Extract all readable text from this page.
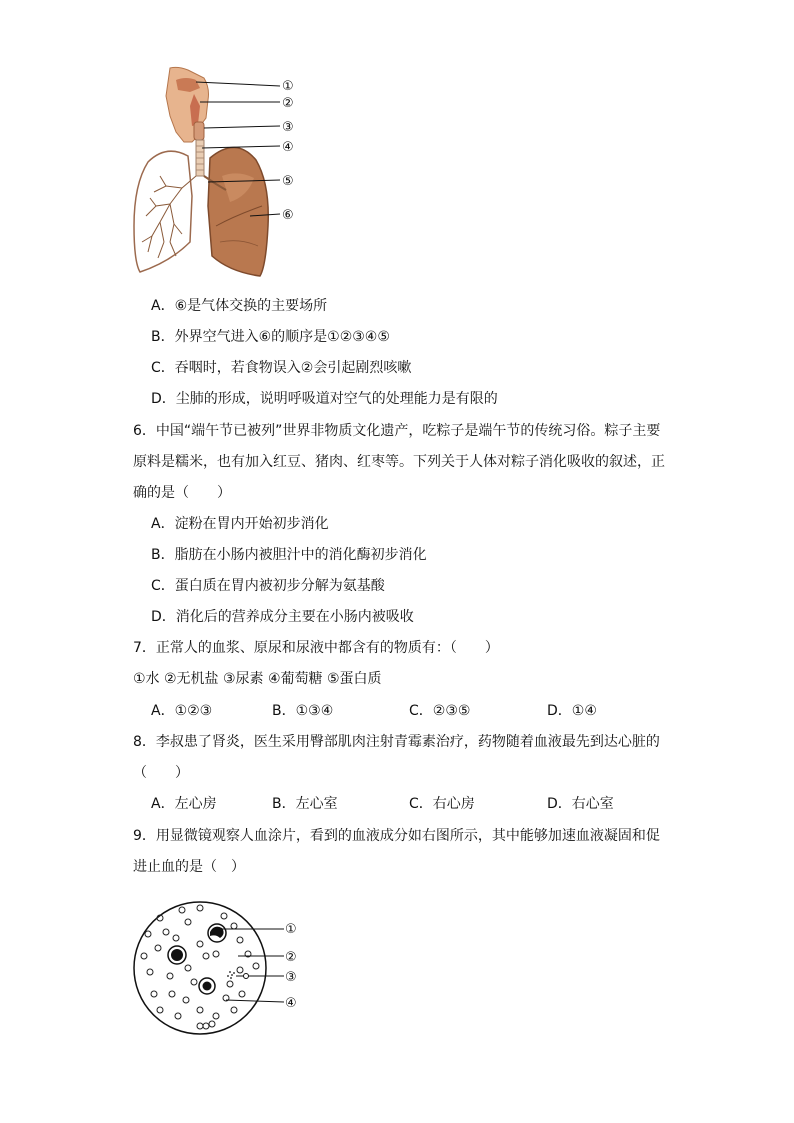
①
②
③
④
⑤
⑥
A．⑥是气体交换的主要场所
B．外界空气进入⑥的顺序是①②③④⑤
C．吞咽时，若食物误入②会引起剧烈咳嗽
D．尘肺的形成，说明呼吸道对空气的处理能力是有限的
6．中国“端午节已被列”世界非物质文化遗产，吃粽子是端午节的传统习俗。粽子主要
原料是糯米，也有加入红豆、猪肉、红枣等。下列关于人体对粽子消化吸收的叙述，正
确的是（　　）
A．淀粉在胃内开始初步消化
B．脂肪在小肠内被胆汁中的消化酶初步消化
C．蛋白质在胃内被初步分解为氨基酸
D．消化后的营养成分主要在小肠内被吸收
7．正常人的血浆、原尿和尿液中都含有的物质有：（　　）
①水 ②无机盐 ③尿素 ④葡萄糖 ⑤蛋白质
A．①②③	B．①③④	C．②③⑤	D．①④
8．李叔患了肾炎，医生采用臀部肌肉注射青霉素治疗，药物随着血液最先到达心脏的
（　　）
A．左心房	B．左心室	C．右心房	D．右心室
9．用显微镜观察人血涂片，看到的血液成分如右图所示，其中能够加速血液凝固和促
进止血的是（　）
①
②
③
④
